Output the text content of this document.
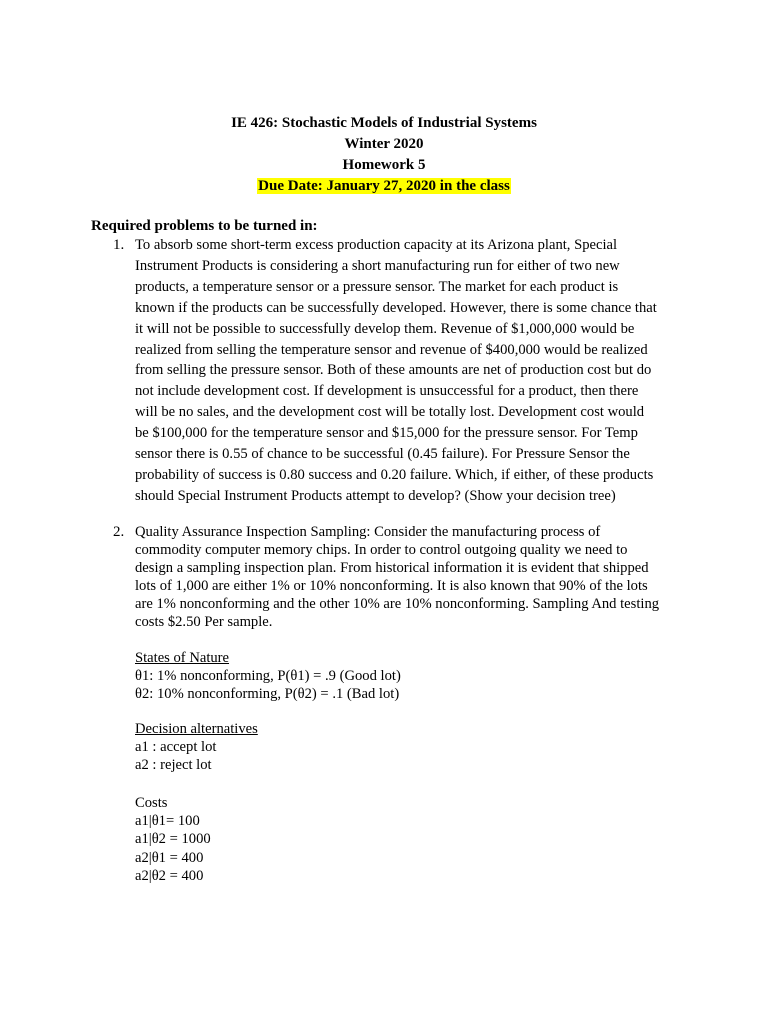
IE 426: Stochastic Models of Industrial Systems
Winter 2020
Homework 5
Due Date: January 27, 2020 in the class
Required problems to be turned in:
1. To absorb some short-term excess production capacity at its Arizona plant, Special
Instrument Products is considering a short manufacturing run for either of two new
products, a temperature sensor or a pressure sensor. The market for each product is
known if the products can be successfully developed. However, there is some chance that
it will not be possible to successfully develop them. Revenue of $1,000,000 would be
realized from selling the temperature sensor and revenue of $400,000 would be realized
from selling the pressure sensor. Both of these amounts are net of production cost but do
not include development cost. If development is unsuccessful for a product, then there
will be no sales, and the development cost will be totally lost. Development cost would
be $100,000 for the temperature sensor and $15,000 for the pressure sensor. For Temp
sensor there is 0.55 of chance to be successful (0.45 failure). For Pressure Sensor the
probability of success is 0.80 success and 0.20 failure. Which, if either, of these products
should Special Instrument Products attempt to develop? (Show your decision tree)
2. Quality Assurance Inspection Sampling: Consider the manufacturing process of
commodity computer memory chips. In order to control outgoing quality we need to
design a sampling inspection plan. From historical information it is evident that shipped
lots of 1,000 are either 1% or 10% nonconforming. It is also known that 90% of the lots
are 1% nonconforming and the other 10% are 10% nonconforming. Sampling And testing
costs $2.50 Per sample.
States of Nature
θ1: 1% nonconforming, P(θ1) = .9 (Good lot)
θ2: 10% nonconforming, P(θ2) = .1 (Bad lot)
Decision alternatives
a1 : accept lot
a2 : reject lot
Costs
a1|θ1= 100
a1|θ2 = 1000
a2|θ1 = 400
a2|θ2 = 400
